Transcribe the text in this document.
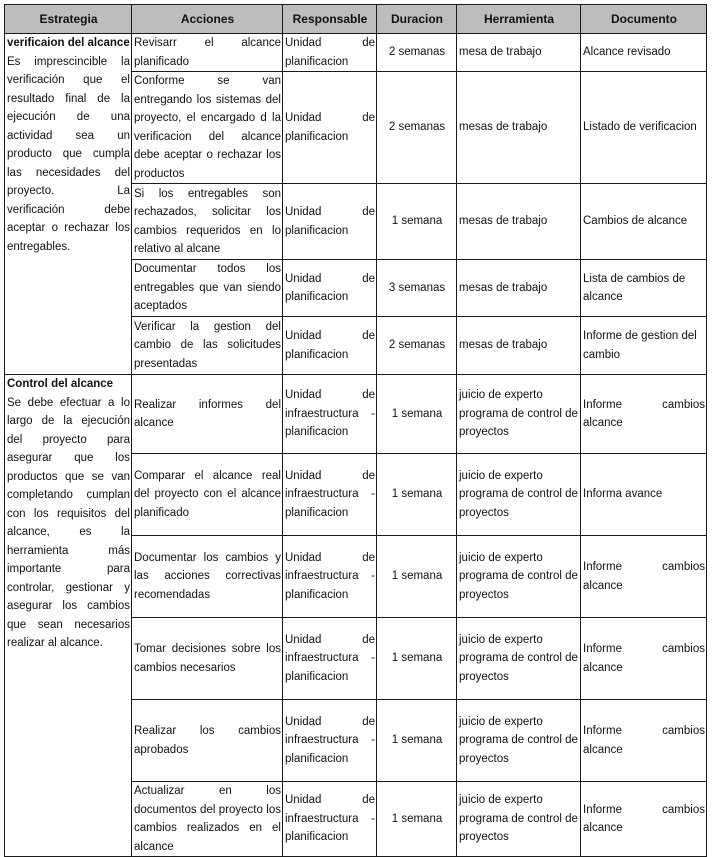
Estrategia	Acciones	Responsable	Duracion	Herramienta	Documento

verificaion del alcance
Es imprescincible la verificación que el resultado final de la ejecución de una actividad sea un producto que cumpla las necesidades del proyecto. La verificación debe aceptar o rechazar los entregables.	Revisarr el alcance planificado	Unidad de planificacion	2 semanas	mesa de trabajo	Alcance revisado
	Conforme se van entregando los sistemas del proyecto, el encargado d la verificacion del alcance debe aceptar o rechazar los productos	Unidad de planificacion	2 semanas	mesas de trabajo	Listado de verificacion
	Si los entregables son rechazados, solicitar los cambios requeridos en lo relativo al alcane	Unidad de planificacion	1 semana	mesas de trabajo	Cambios de alcance
	Documentar todos los entregables que van siendo aceptados	Unidad de planificacion	3 semanas	mesas de trabajo	Lista de cambios de alcance
	Verificar la gestion del cambio de las solicitudes presentadas	Unidad de planificacion	2 semanas	mesas de trabajo	Informe de gestion del cambio

Control del alcance
Se debe efectuar a lo largo de la ejecución del proyecto para asegurar que los productos que se van completando cumplan con los requisitos del alcance, es la herramienta más importante para controlar, gestionar y asegurar los cambios que sean necesarios realizar al alcance.	Realizar informes del alcance	Unidad de infraestructura - planificacion	1 semana	juicio de experto programa de control de proyectos	Informe cambios alcance
	Comparar el alcance real del proyecto con el alcance planificado	Unidad de infraestructura - planificacion	1 semana	juicio de experto programa de control de proyectos	Informa avance
	Documentar los cambios y las acciones correctivas recomendadas	Unidad de infraestructura - planificacion	1 semana	juicio de experto programa de control de proyectos	Informe cambios alcance
	Tomar decisiones sobre los cambios necesarios	Unidad de infraestructura - planificacion	1 semana	juicio de experto programa de control de proyectos	Informe cambios alcance
	Realizar los cambios aprobados	Unidad de infraestructura - planificacion	1 semana	juicio de experto programa de control de proyectos	Informe cambios alcance
	Actualizar en los documentos del proyecto los cambios realizados en el alcance	Unidad de infraestructura - planificacion	1 semana	juicio de experto programa de control de proyectos	Informe cambios alcance
